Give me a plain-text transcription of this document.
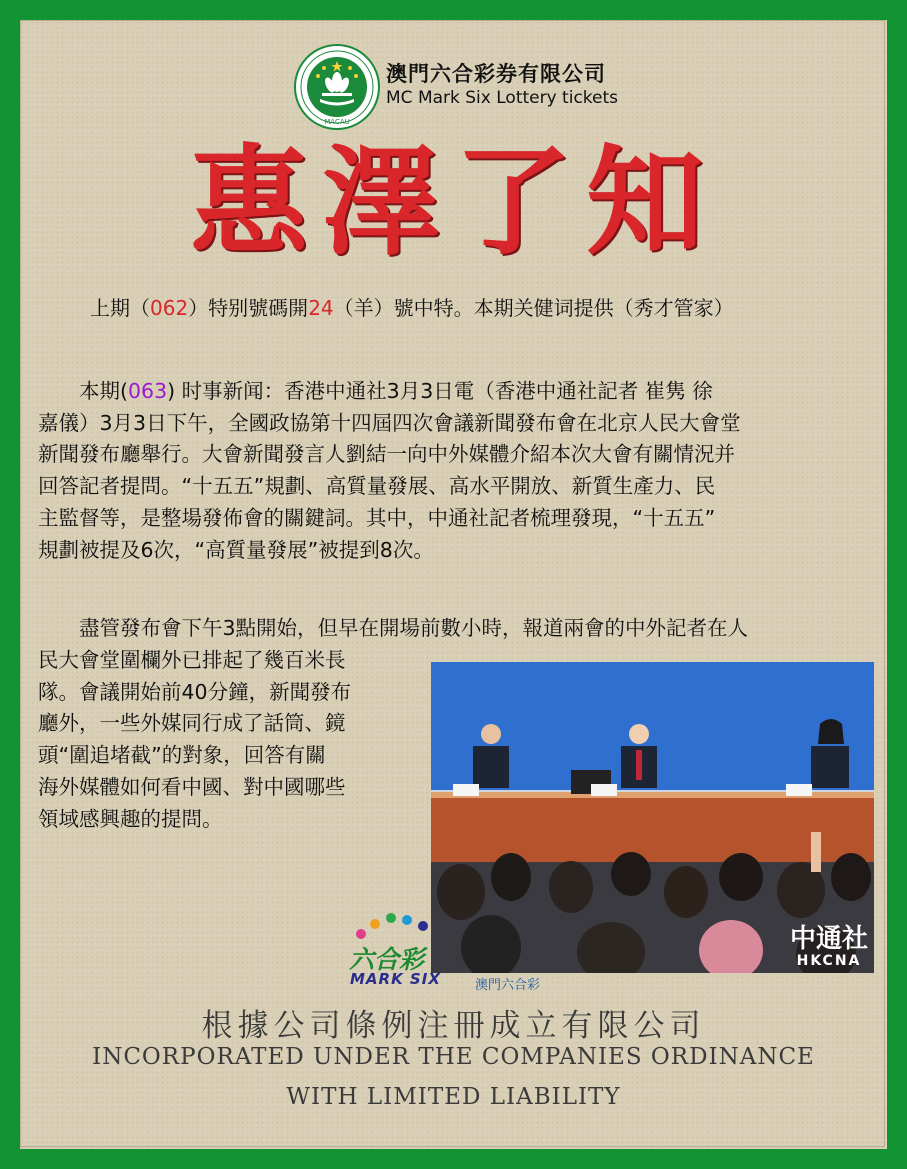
MACAU
澳門六合彩券有限公司
MC Mark Six Lottery tickets
惠澤了知
上期（062）特别號碼開24（羊）號中特。本期关健词提供（秀才管家）

　　本期(063) 时事新闻：香港中通社3月3日電（香港中通社記者 崔隽 徐

嘉儀）3月3日下午，全國政協第十四屆四次會議新聞發布會在北京人民大會堂

新聞發布廳舉行。大會新聞發言人劉結一向中外媒體介紹本次大會有關情況并

回答記者提問。“十五五”規劃、高質量發展、高水平開放、新質生產力、民

主監督等，是整場發佈會的關鍵詞。其中，中通社記者梳理發現，“十五五”

規劃被提及6次，“高質量發展”被提到8次。

　　盡管發布會下午3點開始，但早在開場前數小時，報道兩會的中外記者在人
民大會堂圍欄外已排起了幾百米長
隊。會議開始前40分鐘，新聞發布
廳外，一些外媒同行成了話筒、鏡
頭“圍追堵截”的對象，回答有關
海外媒體如何看中國、對中國哪些
領域感興趣的提問。
中通社
HKCNA
六合彩
MARK SIX	澳門六合彩
根據公司條例注冊成立有限公司
INCORPORATED UNDER THE COMPANIES ORDINANCE
WITH LIMITED LIABILITY
